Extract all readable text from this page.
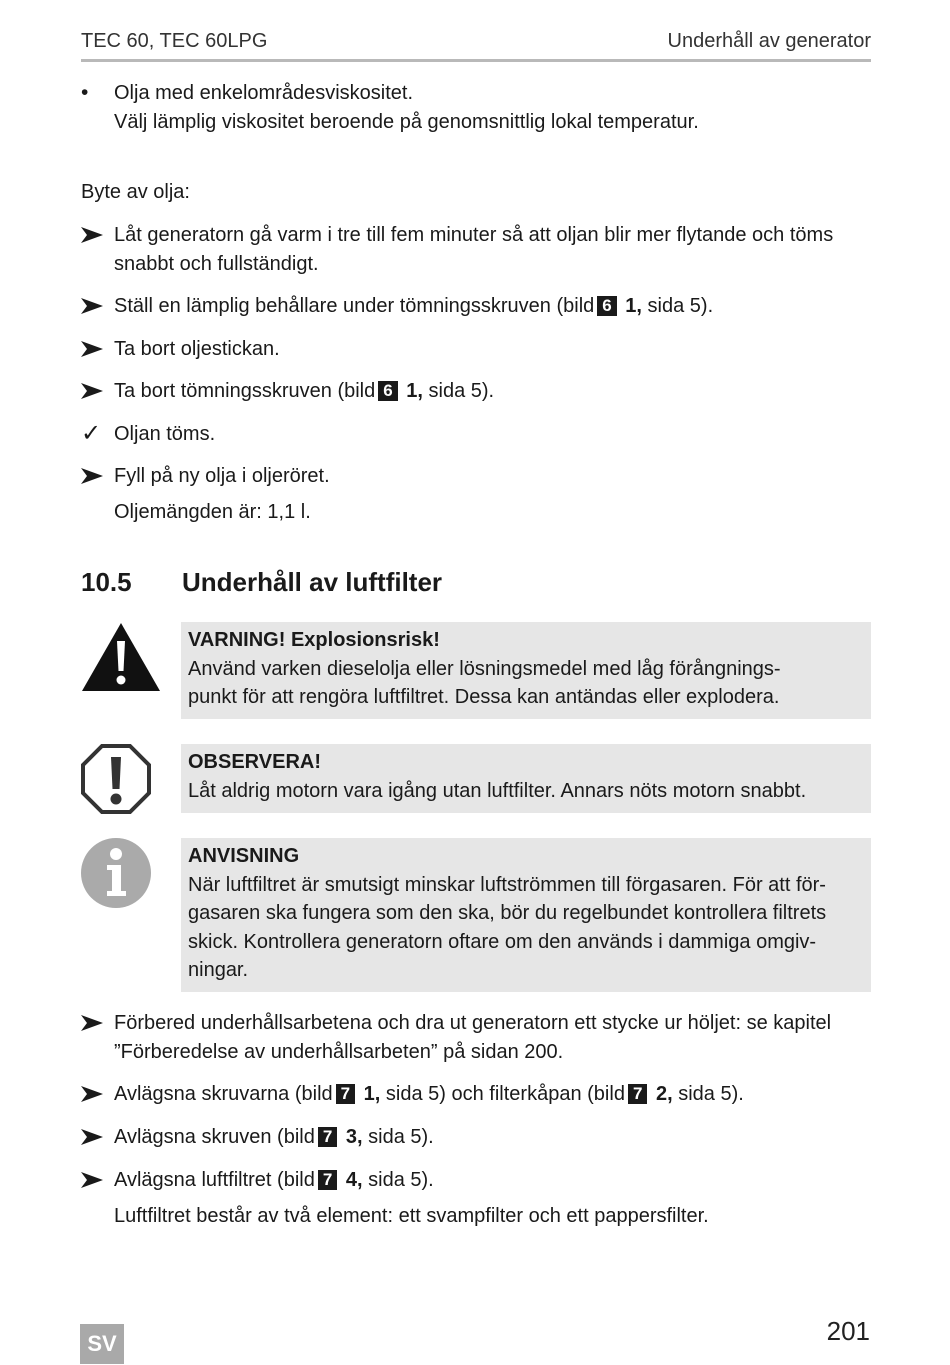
TEC 60, TEC 60LPG	Underhåll av generator
•	Olja med enkelområdesviskositet.
Välj lämplig viskositet beroende på genomsnittlig lokal temperatur.
Byte av olja:
Låt generatorn gå varm i tre till fem minuter så att oljan blir mer flytande och töms
snabbt och fullständigt.
Ställ en lämplig behållare under tömningsskruven (bild 6 1, sida 5).
Ta bort oljestickan.
Ta bort tömningsskruven (bild 6 1, sida 5).
✓ Oljan töms.
Fyll på ny olja i oljeröret.
Oljemängden är: 1,1 l.
10.5 Underhåll av luftfilter
VARNING! Explosionsrisk!
Använd varken dieselolja eller lösningsmedel med låg förångnings-
punkt för att rengöra luftfiltret. Dessa kan antändas eller explodera.
OBSERVERA!
Låt aldrig motorn vara igång utan luftfilter. Annars nöts motorn snabbt.
ANVISNING
När luftfiltret är smutsigt minskar luftströmmen till förgasaren. För att för-
gasaren ska fungera som den ska, bör du regelbundet kontrollera filtrets
skick. Kontrollera generatorn oftare om den används i dammiga omgiv-
ningar.
Förbered underhållsarbetena och dra ut generatorn ett stycke ur höljet: se kapitel
”Förberedelse av underhållsarbeten” på sidan 200.
Avlägsna skruvarna (bild 7 1, sida 5) och filterkåpan (bild 7 2, sida 5).
Avlägsna skruven (bild 7 3, sida 5).
Avlägsna luftfiltret (bild 7 4, sida 5).
Luftfiltret består av två element: ett svampfilter och ett pappersfilter.
SV	201
